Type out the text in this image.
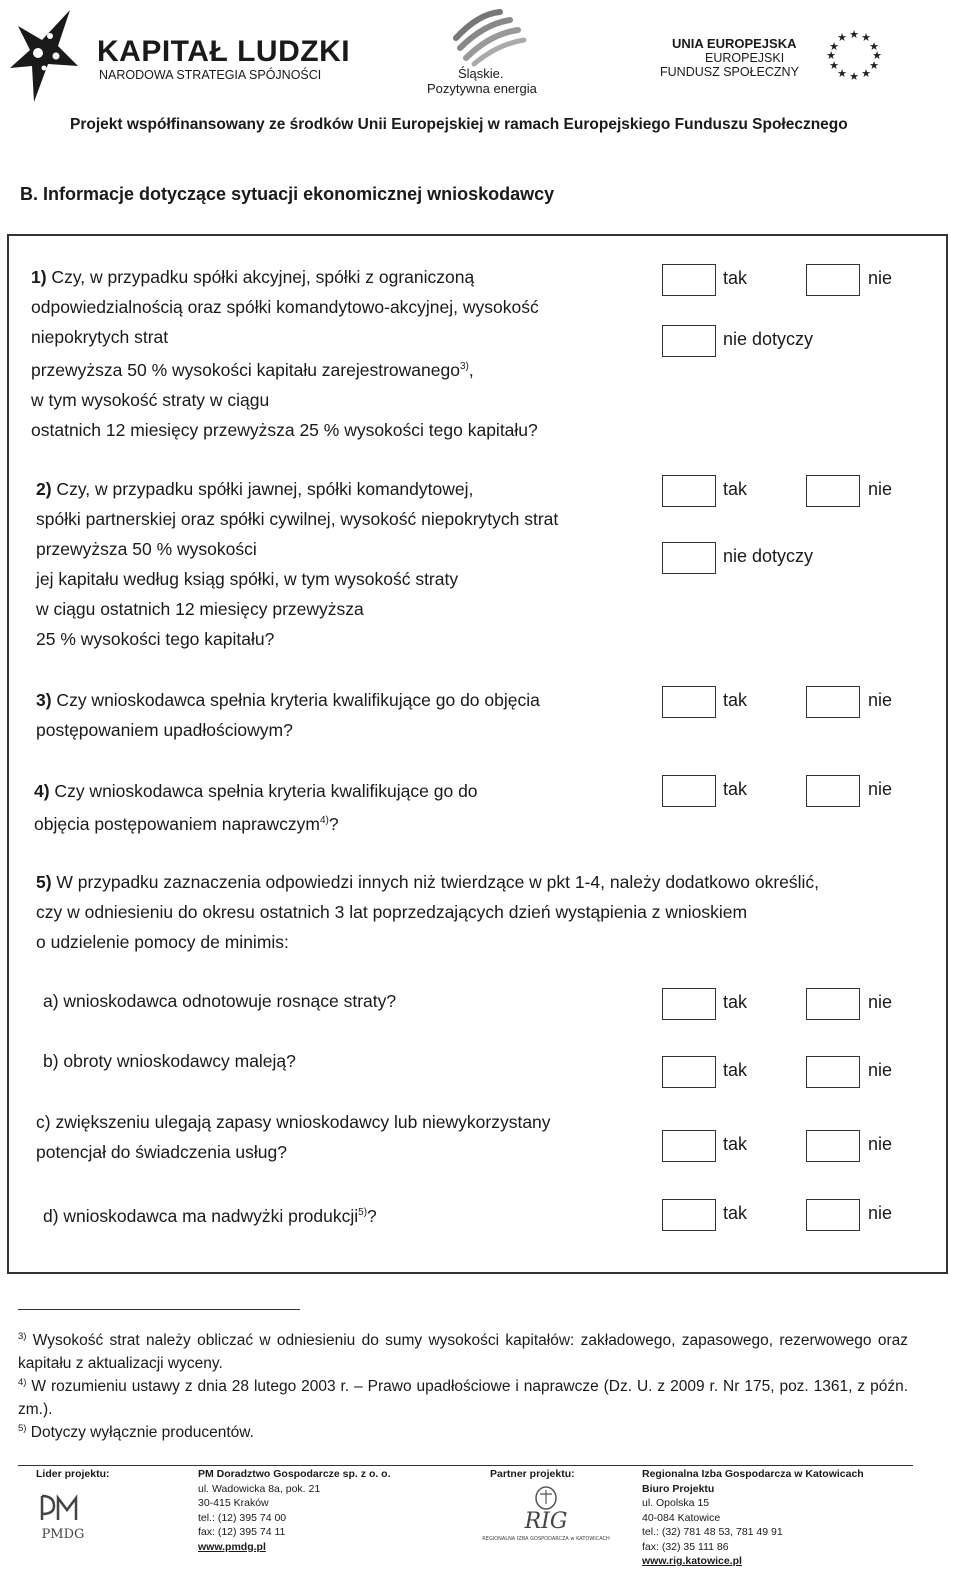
KAPITAŁ LUDZKI
NARODOWA STRATEGIA SPÓJNOŚCI	Śląskie.
Pozytywna energia
UNIA EUROPEJSKA
EUROPEJSKI
FUNDUSZ SPOŁECZNY
★ ★
★
★
★
★
★
★
★
★
★
★
Projekt współfinansowany ze środków Unii Europejskiej w ramach Europejskiego Funduszu Społecznego
B. Informacje dotyczące sytuacji ekonomicznej wnioskodawcy
1) Czy, w przypadku spółki akcyjnej, spółki z ograniczoną
odpowiedzialnością oraz spółki komandytowo-akcyjnej, wysokość
niepokrytych strat
przewyższa 50 % wysokości kapitału zarejestrowanego$^{3)}$,
w tym wysokość straty w ciągu
ostatnich 12 miesięcy przewyższa 25 % wysokości tego kapitału?
tak	nie
nie dotyczy
2) Czy, w przypadku spółki jawnej, spółki komandytowej,
spółki partnerskiej oraz spółki cywilnej, wysokość niepokrytych strat
przewyższa 50 % wysokości
jej kapitału według ksiąg spółki, w tym wysokość straty
w ciągu ostatnich 12 miesięcy przewyższa
25 % wysokości tego kapitału?
tak	nie
nie dotyczy
3) Czy wnioskodawca spełnia kryteria kwalifikujące go do objęcia
postępowaniem upadłościowym?
tak	nie
4) Czy wnioskodawca spełnia kryteria kwalifikujące go do
objęcia postępowaniem naprawczym$^{4)}$?
tak	nie
5) W przypadku zaznaczenia odpowiedzi innych niż twierdzące w pkt 1-4, należy dodatkowo określić,
czy w odniesieniu do okresu ostatnich 3 lat poprzedzających dzień wystąpienia z wnioskiem
o udzielenie pomocy de minimis:
a) wnioskodawca odnotowuje rosnące straty?	tak	nie
b) obroty wnioskodawcy maleją?	tak	nie
c) zwiększeniu ulegają zapasy wnioskodawcy lub niewykorzystany
potencjał do świadczenia usług?	tak	nie
d) wnioskodawca ma nadwyżki produkcji$^{5)}$?	tak	nie
$^{3)}$ Wysokość strat należy obliczać w odniesieniu do sumy wysokości kapitałów: zakładowego, zapasowego, rezerwowego oraz kapitału z aktualizacji wyceny.
$^{4)}$ W rozumieniu ustawy z dnia 28 lutego 2003 r. – Prawo upadłościowe i naprawcze (Dz. U. z 2009 r. Nr 175, poz. 1361, z późn. zm.).
$^{5)}$ Dotyczy wyłącznie producentów.
Lider projektu:
PMDG
PM Doradztwo Gospodarcze sp. z o. o.
ul. Wadowicka 8a, pok. 21
30-415 Kraków
tel.: (12) 395 74 00
fax: (12) 395 74 11
www.pmdg.pl
Partner projektu:
RIG
REGIONALNA IZBA GOSPODARCZA w KATOWICACH
Regionalna Izba Gospodarcza w Katowicach
Biuro Projektu
ul. Opolska 15
40-084 Katowice
tel.: (32) 781 48 53, 781 49 91
fax: (32) 35 111 86
www.rig.katowice.pl
